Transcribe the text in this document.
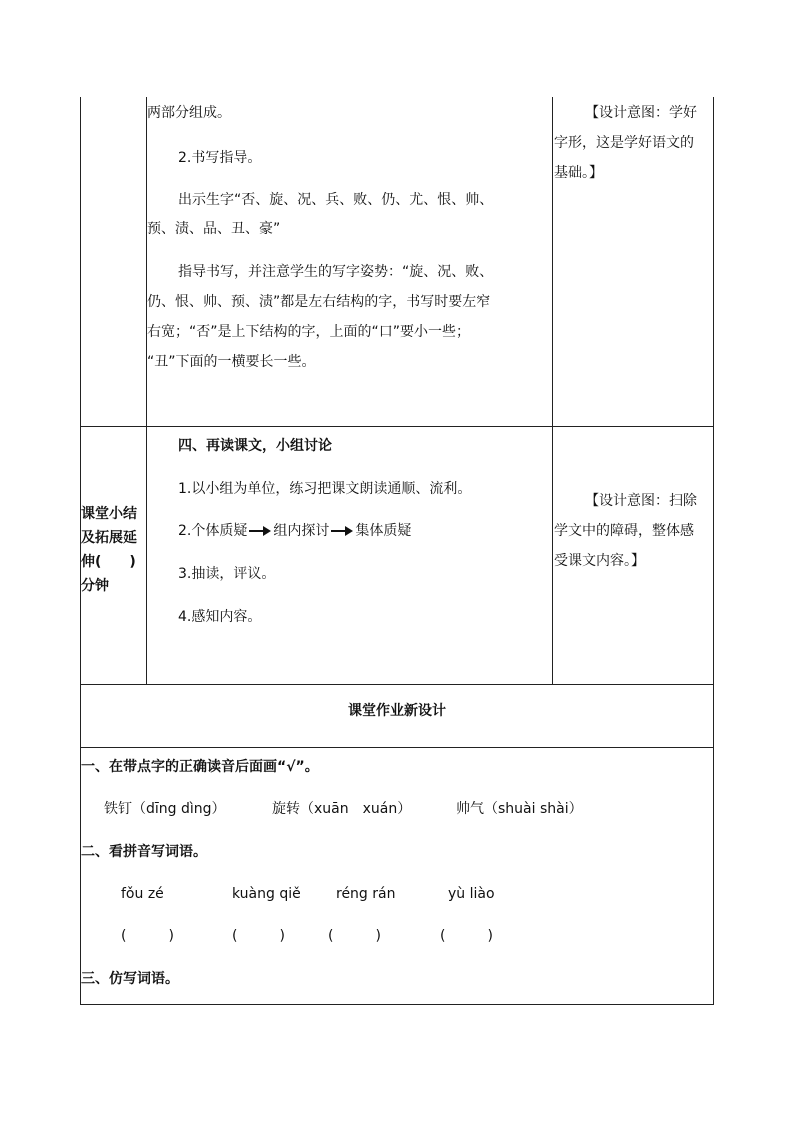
两部分组成。
2.书写指导。
出示生字“否、旋、况、兵、败、仍、尤、恨、帅、
预、渍、品、丑、豪”
指导书写，并注意学生的写字姿势：“旋、况、败、
仍、恨、帅、预、渍”都是左右结构的字，书写时要左窄
右宽；“否”是上下结构的字，上面的“口”要小一些；
“丑”下面的一横要长一些。
【设计意图：学好
字形，这是学好语文的
基础。】
课堂小结
及拓展延
伸(　　)
分钟
四、再读课文，小组讨论
1.以小组为单位，练习把课文朗读通顺、流利。
2.个体质疑 组内探讨 集体质疑
3.抽读，评议。
4.感知内容。
【设计意图：扫除
学文中的障碍，整体感
受课文内容。】
课堂作业新设计
一、在带点字的正确读音后面画“√”。
铁钉（dīng dìng）	旋转（xuān　xuán）	帅气（shuài shài）
二、看拼音写词语。
fǒu zé	kuàng qiě	réng rán	yù liào
(　　　)	(　　　)	(　　　)	(　　　)
三、仿写词语。
